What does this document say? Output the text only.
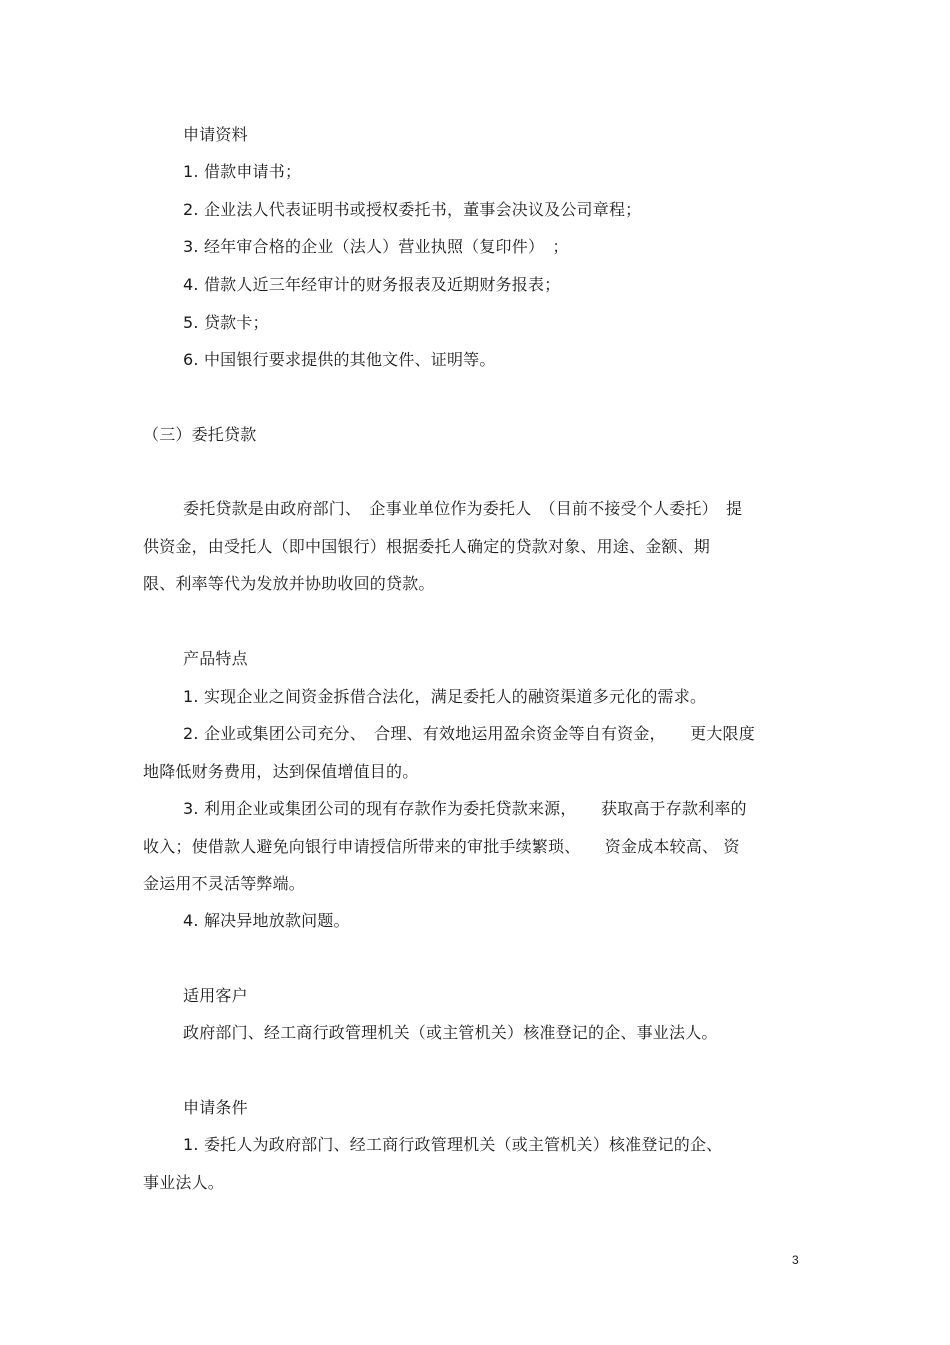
申请资料
1. 借款申请书；
2. 企业法人代表证明书或授权委托书，董事会决议及公司章程；
3. 经年审合格的企业（法人）营业执照（复印件）　；
4. 借款人近三年经审计的财务报表及近期财务报表；
5. 贷款卡；
6. 中国银行要求提供的其他文件、证明等。
（三）委托贷款
委托贷款是由政府部门、　企事业单位作为委托人　（目前不接受个人委托）　提
供资金，由受托人（即中国银行）根据委托人确定的贷款对象、用途、金额、期
限、利率等代为发放并协助收回的贷款。
产品特点
1. 实现企业之间资金拆借合法化，满足委托人的融资渠道多元化的需求。
2. 企业或集团公司充分、　合理、有效地运用盈余资金等自有资金，　　更大限度
地降低财务费用，达到保值增值目的。
3. 利用企业或集团公司的现有存款作为委托贷款来源，　　获取高于存款利率的
收入；使借款人避免向银行申请授信所带来的审批手续繁琐、　　资金成本较高、 资
金运用不灵活等弊端。
4. 解决异地放款问题。
适用客户
政府部门、经工商行政管理机关（或主管机关）核准登记的企、事业法人。
申请条件
1. 委托人为政府部门、经工商行政管理机关（或主管机关）核准登记的企、
事业法人。
3
